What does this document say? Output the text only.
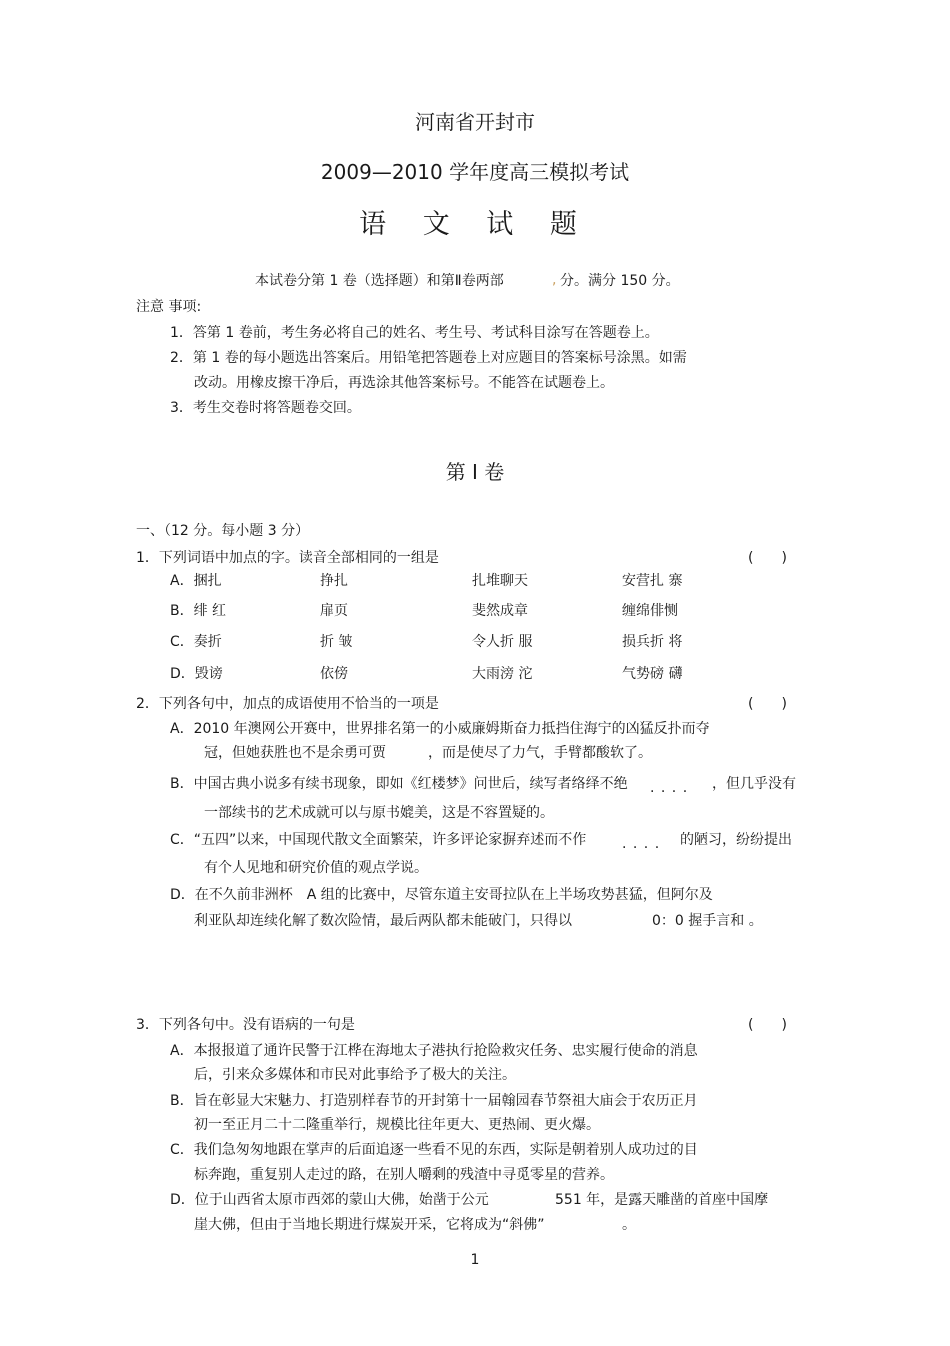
河南省开封市
2009—2010 学年度高三模拟考试
语 文 试 题
本试卷分第 1 卷（选择题）和第Ⅱ卷两部	, 分。满分 150 分。
注意 事项:
1．答第 1 卷前，考生务必将自己的姓名、考生号、考试科目涂写在答题卷上。
2．第 1 卷的每小题选出答案后。用铅笔把答题卷上对应题目的答案标号涂黑。如需
改动。用橡皮擦干净后，再选涂其他答案标号。不能答在试题卷上。
3．考生交卷时将答题卷交回。
第 I 卷
一、（12 分。每小题 3 分）
1．下列词语中加点的字。读音全部相同的一组是	(　　)
A．捆扎	挣扎	扎堆聊天	安营扎 寨
B．绯 红	扉页	斐然成章	缠绵俳恻
C．奏折	折 皱	令人折 服	损兵折 将
D．毁谤	依傍	大雨滂 沱	气势磅 礴
2．下列各句中，加点的成语使用不恰当的一项是	(　　)
A．2010 年澳网公开赛中，世界排名第一的小威廉姆斯奋力抵挡住海宁的凶猛反扑而夺
冠，但她获胜也不是余勇可贾	，而是使尽了力气，手臂都酸软了。
B．中国古典小说多有续书现象，即如《红楼梦》问世后，续写者络绎不绝 . . . . ，但几乎没有
一部续书的艺术成就可以与原书媲美，这是不容置疑的。
C．“五四”以来，中国现代散文全面繁荣，许多评论家摒弃述而不作	. . . . 的陋习，纷纷提出
有个人见地和研究价值的观点学说。
D．在不久前非洲杯　A 组的比赛中，尽管东道主安哥拉队在上半场攻势甚猛，但阿尔及
利亚队却连续化解了数次险情，最后两队都未能破门，只得以	0：0 握手言和 。
3．下列各句中。没有语病的一句是	(　　)
A．本报报道了通许民警于江桦在海地太子港执行抢险救灾任务、忠实履行使命的消息
后，引来众多媒体和市民对此事给予了极大的关注。
B．旨在彰显大宋魅力、打造别样春节的开封第十一届翰园春节祭祖大庙会于农历正月
初一至正月二十二隆重举行，规模比往年更大、更热闹、更火爆。
C．我们急匆匆地跟在掌声的后面追逐一些看不见的东西，实际是朝着别人成功过的目
标奔跑，重复别人走过的路，在别人嚼剩的残渣中寻觅零星的营养。
D．位于山西省太原市西郊的蒙山大佛，始凿于公元	551 年，是露天雕凿的首座中国摩
崖大佛，但由于当地长期进行煤炭开采，它将成为“斜佛”	。
1
